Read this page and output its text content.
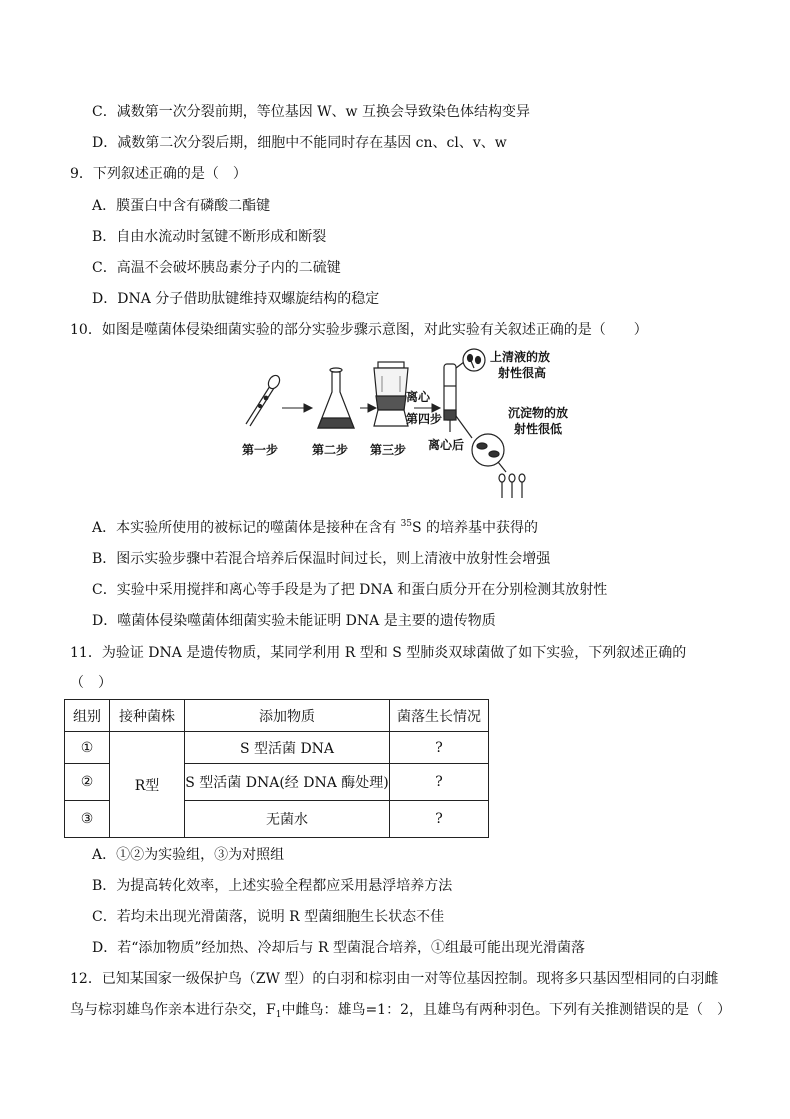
C．减数第一次分裂前期，等位基因 W、w 互换会导致染色体结构变异
D．减数第二次分裂后期，细胞中不能同时存在基因 cn、cl、v、w
9．下列叙述正确的是（　）
A．膜蛋白中含有磷酸二酯键
B．自由水流动时氢键不断形成和断裂
C．高温不会破坏胰岛素分子内的二硫键
D．DNA 分子借助肽键维持双螺旋结构的稳定
10．如图是噬菌体侵染细菌实验的部分实验步骤示意图，对此实验有关叙述正确的是（　　）
第一步	第二步 第三步
离心
第四步
离心后
上清液的放
射性很高
沉淀物的放
射性很低
A．本实验所使用的被标记的噬菌体是接种在含有 $^{35}$S 的培养基中获得的
B．图示实验步骤中若混合培养后保温时间过长，则上清液中放射性会增强
C．实验中采用搅拌和离心等手段是为了把 DNA 和蛋白质分开在分别检测其放射性
D．噬菌体侵染噬菌体细菌实验未能证明 DNA 是主要的遗传物质
11．为验证 DNA 是遗传物质，某同学利用 R 型和 S 型肺炎双球菌做了如下实验，下列叙述正确的
（　）
组别	接种菌株	添加物质	菌落生长情况
①	R型	S 型活菌 DNA	?
②		S 型活菌 DNA(经 DNA 酶处理)	?
③		无菌水	?
A．①②为实验组，③为对照组
B．为提高转化效率，上述实验全程都应采用悬浮培养方法
C．若均未出现光滑菌落，说明 R 型菌细胞生长状态不佳
D．若“添加物质”经加热、冷却后与 R 型菌混合培养，①组最可能出现光滑菌落
12．已知某国家一级保护鸟（ZW 型）的白羽和棕羽由一对等位基因控制。现将多只基因型相同的白羽雌
鸟与棕羽雄鸟作亲本进行杂交，$F_1$中雌鸟：雄鸟=1：2，且雄鸟有两种羽色。下列有关推测错误的是（　）
